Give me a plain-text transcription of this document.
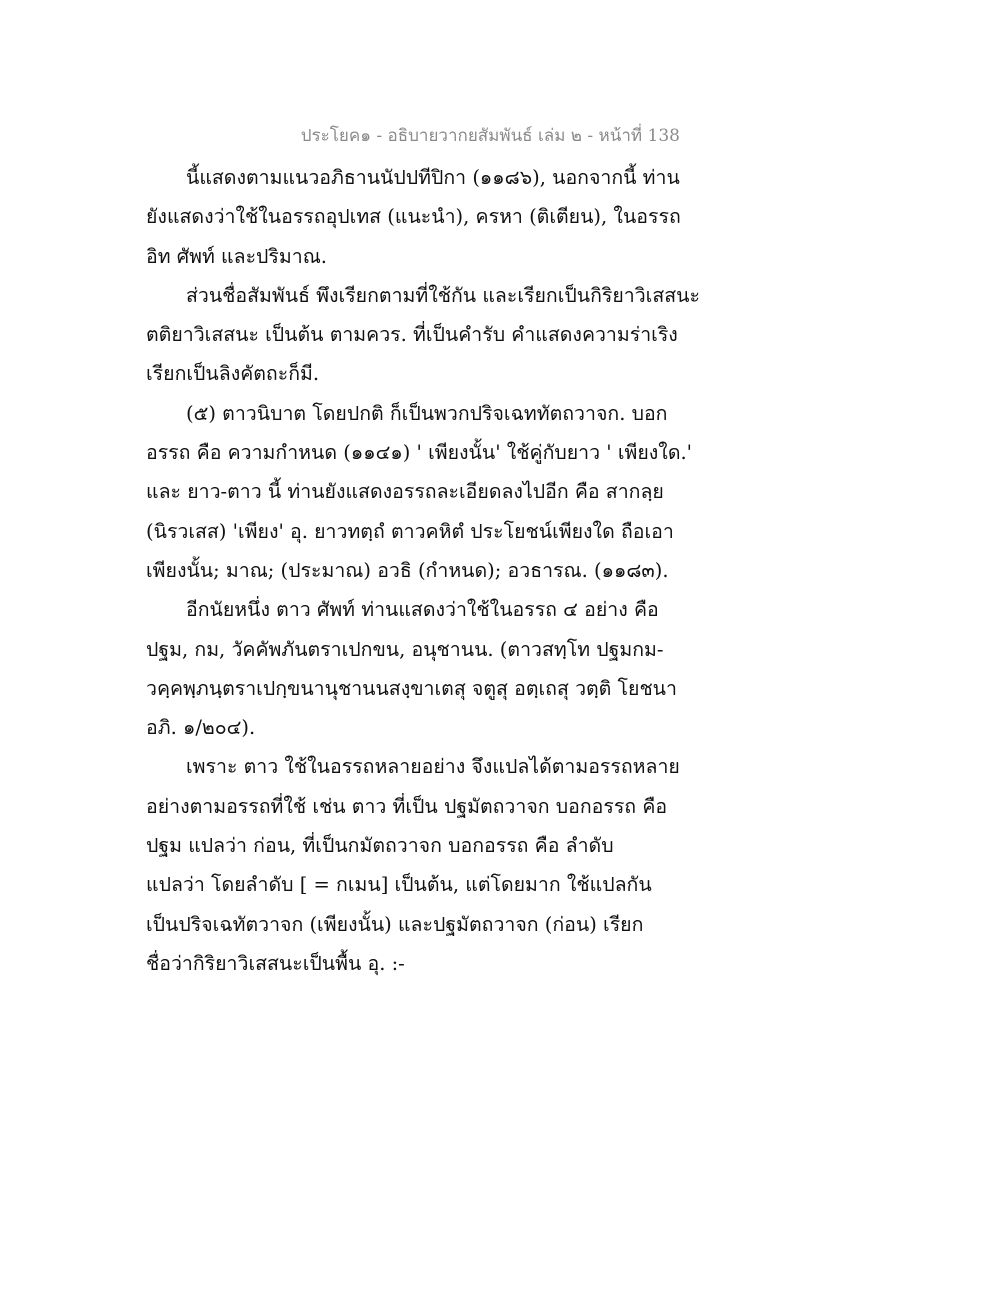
ประโยค๑ - อธิบายวากยสัมพันธ์ เล่ม ๒ - หน้าที่ 138
นี้แสดงตามแนวอภิธานนัปปทีปิกา (๑๑๘๖), นอกจากนี้ ท่าน
ยังแสดงว่าใช้ในอรรถอุปเทส (แนะนำ), ครหา (ติเตียน), ในอรรถ
อิท ศัพท์ และปริมาณ.
ส่วนชื่อสัมพันธ์ พึงเรียกตามที่ใช้กัน และเรียกเป็นกิริยาวิเสสนะ
ตติยาวิเสสนะ เป็นต้น ตามควร. ที่เป็นคำรับ คำแสดงความร่าเริง
เรียกเป็นลิงคัตถะก็มี.
(๕) ตาวนิบาต โดยปกติ ก็เป็นพวกปริจเฉททัตถวาจก. บอก
อรรถ คือ ความกำหนด (๑๑๔๑) ' เพียงนั้น' ใช้คู่กับยาว ' เพียงใด.'
และ ยาว-ตาว นี้ ท่านยังแสดงอรรถละเอียดลงไปอีก คือ สากลฺย
(นิรวเสส) 'เพียง' อุ. ยาวทตฺถํ ตาวคหิตํ ประโยชน์เพียงใด ถือเอา
เพียงนั้น; มาณ; (ประมาณ) อวธิ (กำหนด); อวธารณ. (๑๑๘๓).
อีกนัยหนึ่ง ตาว ศัพท์ ท่านแสดงว่าใช้ในอรรถ ๔ อย่าง คือ
ปฐม, กม, วัคคัพภันตราเปกขน, อนุชานน. (ตาวสทฺโท ปฐมกม-
วคฺคพฺภนฺตราเปกฺขนานุชานนสงฺขาเตสุ จตูสุ อตฺเถสุ วตฺติ โยชนา
อภิ. ๑/๒๐๔).
เพราะ ตาว ใช้ในอรรถหลายอย่าง จึงแปลได้ตามอรรถหลาย
อย่างตามอรรถที่ใช้ เช่น ตาว ที่เป็น ปฐมัตถวาจก บอกอรรถ คือ
ปฐม แปลว่า ก่อน, ที่เป็นกมัตถวาจก บอกอรรถ คือ ลำดับ
แปลว่า โดยลำดับ [ = กเมน] เป็นต้น, แต่โดยมาก ใช้แปลกัน
เป็นปริจเฉทัตวาจก (เพียงนั้น) และปฐมัตถวาจก (ก่อน) เรียก
ชื่อว่ากิริยาวิเสสนะเป็นพื้น อุ. :-
